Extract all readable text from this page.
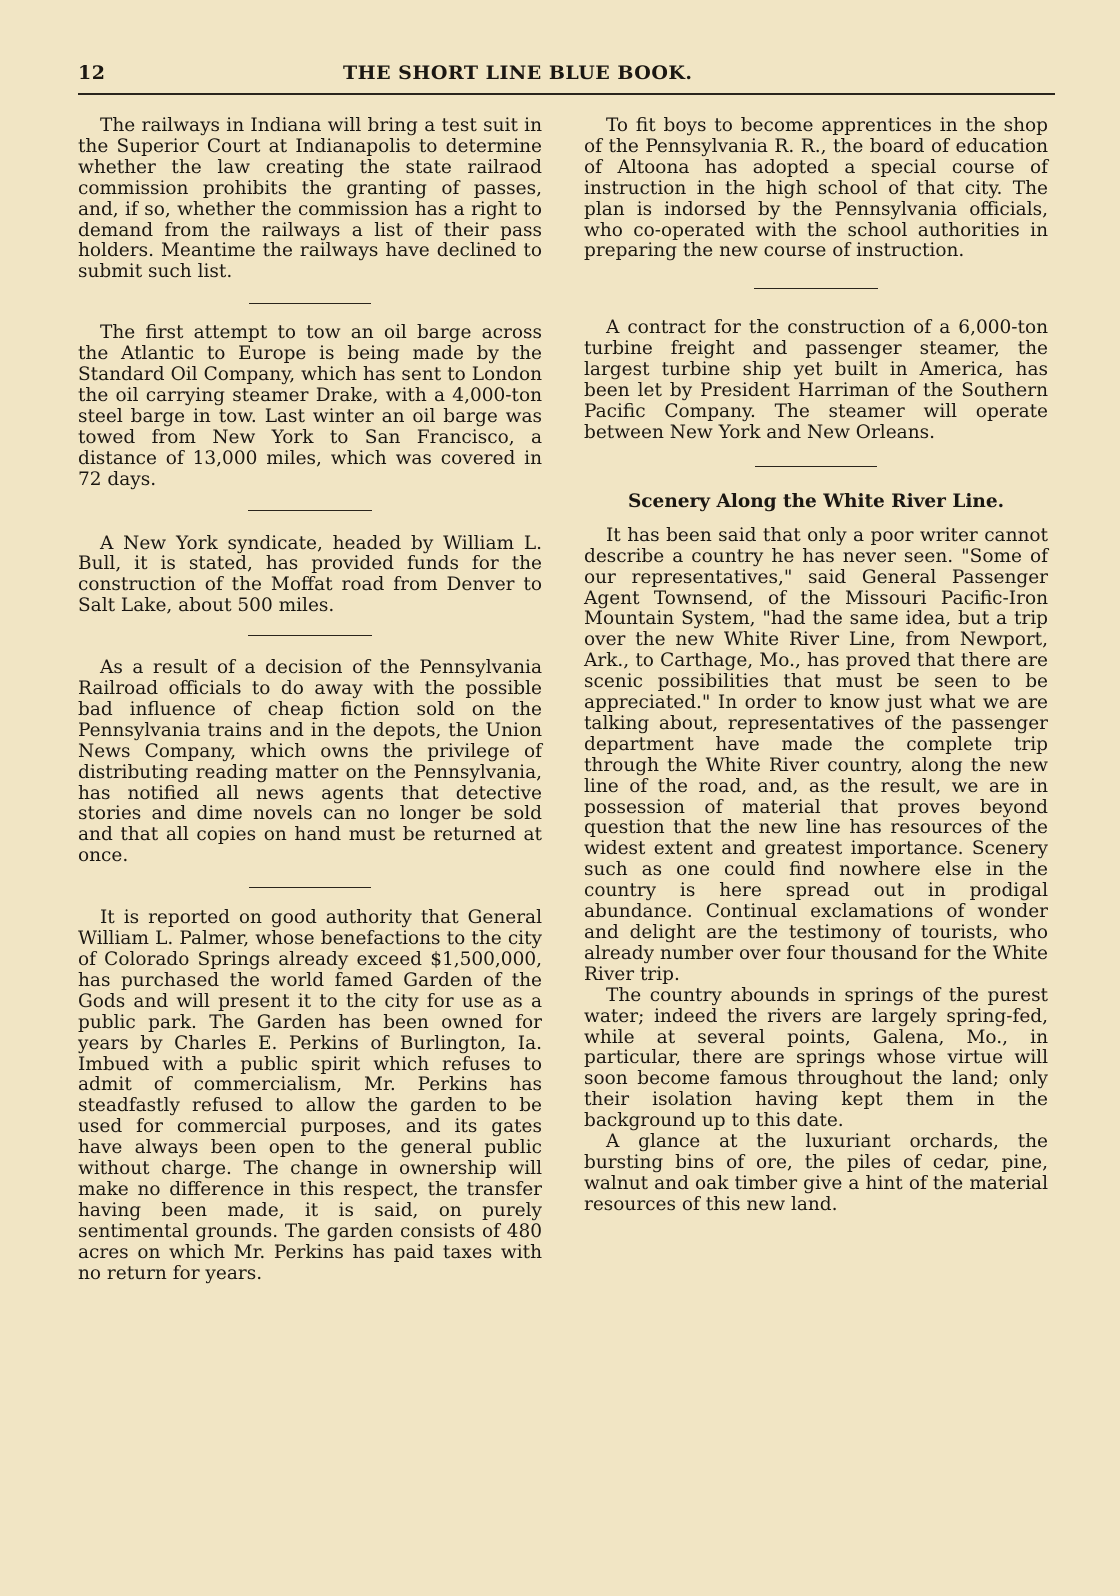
12	THE SHORT LINE BLUE BOOK.

The railways in Indiana will bring a test suit in the Superior Court at Indianapolis to determine whether the law creating the state railraod commission prohibits the granting of passes, and, if so, whether the commission has a right to demand from the railways a list of their pass holders. Meantime the railways have declined to submit such list.

The first attempt to tow an oil barge across the Atlantic to Europe is being made by the Standard Oil Company, which has sent to London the oil carrying steamer Drake, with a 4,000-ton steel barge in tow. Last winter an oil barge was towed from New York to San Francisco, a distance of 13,000 miles, which was covered in 72 days.

A New York syndicate, headed by William L. Bull, it is stated, has provided funds for the construction of the Moffat road from Denver to Salt Lake, about 500 miles.

As a result of a decision of the Pennsylvania Railroad officials to do away with the possible bad influence of cheap fiction sold on the Pennsylvania trains and in the depots, the Union News Company, which owns the privilege of distributing reading matter on the Pennsylvania, has notified all news agents that detective stories and dime novels can no longer be sold and that all copies on hand must be returned at once.

It is reported on good authority that General William L. Palmer, whose benefactions to the city of Colorado Springs already exceed $1,500,000, has purchased the world famed Garden of the Gods and will present it to the city for use as a public park. The Garden has been owned for years by Charles E. Perkins of Burlington, Ia. Imbued with a public spirit which refuses to admit of commercialism, Mr. Perkins has steadfastly refused to allow the garden to be used for commercial purposes, and its gates have always been open to the general public without charge. The change in ownership will make no difference in this respect, the transfer having been made, it is said, on purely sentimental grounds. The garden consists of 480 acres on which Mr. Perkins has paid taxes with no return for years.

To fit boys to become apprentices in the shop of the Pennsylvania R. R., the board of education of Altoona has adopted a special course of instruction in the high school of that city. The plan is indorsed by the Pennsylvania officials, who co-operated with the school authorities in preparing the new course of instruction.

A contract for the construction of a 6,000-ton turbine freight and passenger steamer, the largest turbine ship yet built in America, has been let by President Harriman of the Southern Pacific Company. The steamer will operate between New York and New Orleans.

Scenery Along the White River Line.

It has been said that only a poor writer cannot describe a country he has never seen. "Some of our representatives," said General Passenger Agent Townsend, of the Missouri Pacific-Iron Mountain System, "had the same idea, but a trip over the new White River Line, from Newport, Ark., to Carthage, Mo., has proved that there are scenic possibilities that must be seen to be appreciated." In order to know just what we are talking about, representatives of the passenger department have made the complete trip through the White River country, along the new line of the road, and, as the result, we are in possession of material that proves beyond question that the new line has resources of the widest extent and greatest importance. Scenery such as one could find nowhere else in the country is here spread out in prodigal abundance. Continual exclamations of wonder and delight are the testimony of tourists, who already number over four thousand for the White River trip.

The country abounds in springs of the purest water; indeed the rivers are largely spring-fed, while at several points, Galena, Mo., in particular, there are springs whose virtue will soon become famous throughout the land; only their isolation having kept them in the background up to this date.

A glance at the luxuriant orchards, the bursting bins of ore, the piles of cedar, pine, walnut and oak timber give a hint of the material resources of this new land.
